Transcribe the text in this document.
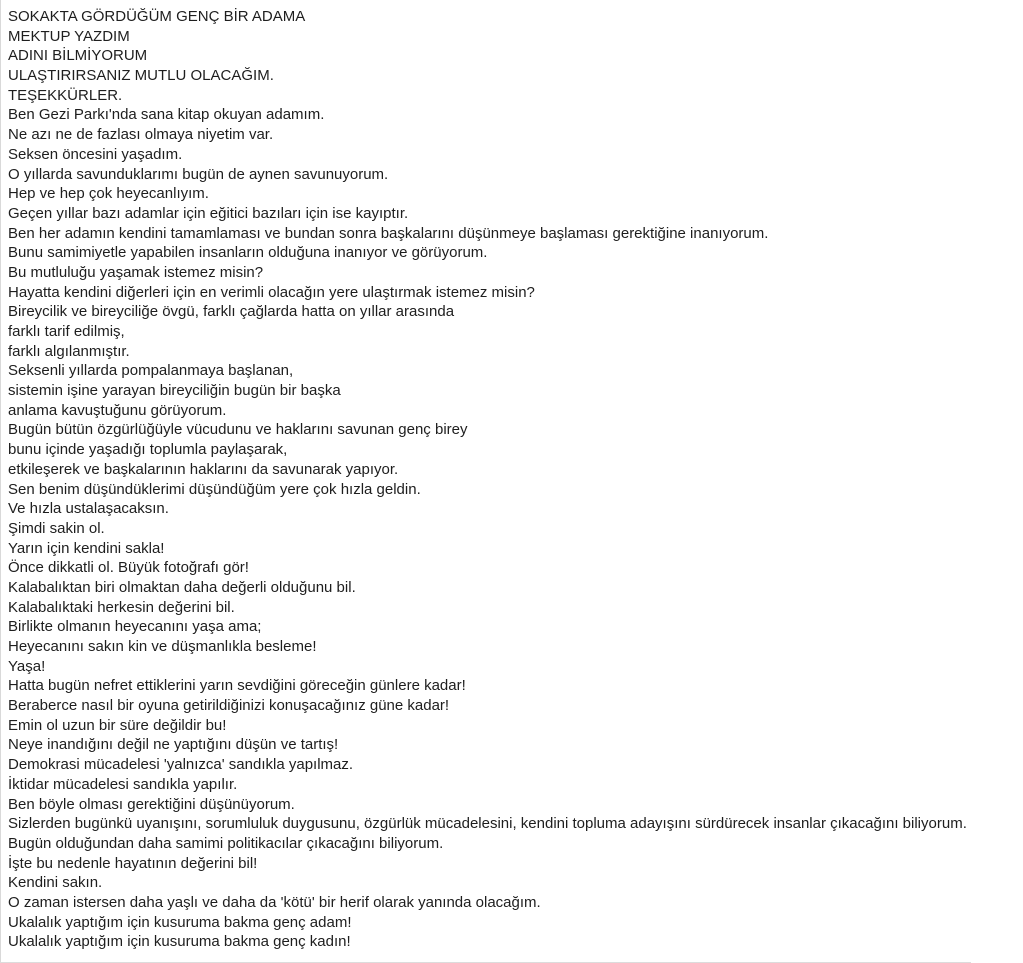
SOKAKTA GÖRDÜĞÜM GENÇ BİR ADAMA
MEKTUP YAZDIM
ADINI BİLMİYORUM
ULAŞTIRIRSANIZ MUTLU OLACAĞIM.
TEŞEKKÜRLER.
Ben Gezi Parkı'nda sana kitap okuyan adamım.
Ne azı ne de fazlası olmaya niyetim var.
Seksen öncesini yaşadım.
O yıllarda savunduklarımı bugün de aynen savunuyorum.
Hep ve hep çok heyecanlıyım.
Geçen yıllar bazı adamlar için eğitici bazıları için ise kayıptır.
Ben her adamın kendini tamamlaması ve bundan sonra başkalarını düşünmeye başlaması gerektiğine inanıyorum.
Bunu samimiyetle yapabilen insanların olduğuna inanıyor ve görüyorum.
Bu mutluluğu yaşamak istemez misin?
Hayatta kendini diğerleri için en verimli olacağın yere ulaştırmak istemez misin?
Bireycilik ve bireyciliğe övgü, farklı çağlarda hatta on yıllar arasında
farklı tarif edilmiş,
farklı algılanmıştır.
Seksenli yıllarda pompalanmaya başlanan,
sistemin işine yarayan bireyciliğin bugün bir başka
anlama kavuştuğunu görüyorum.
Bugün bütün özgürlüğüyle vücudunu ve haklarını savunan genç birey
bunu içinde yaşadığı toplumla paylaşarak,
etkileşerek ve başkalarının haklarını da savunarak yapıyor.
Sen benim düşündüklerimi düşündüğüm yere çok hızla geldin.
Ve hızla ustalaşacaksın.
Şimdi sakin ol.
Yarın için kendini sakla!
Önce dikkatli ol. Büyük fotoğrafı gör!
Kalabalıktan biri olmaktan daha değerli olduğunu bil.
Kalabalıktaki herkesin değerini bil.
Birlikte olmanın heyecanını yaşa ama;
Heyecanını sakın kin ve düşmanlıkla besleme!
Yaşa!
Hatta bugün nefret ettiklerini yarın sevdiğini göreceğin günlere kadar!
Beraberce nasıl bir oyuna getirildiğinizi konuşacağınız güne kadar!
Emin ol uzun bir süre değildir bu!
Neye inandığını değil ne yaptığını düşün ve tartış!
Demokrasi mücadelesi 'yalnızca' sandıkla yapılmaz.
İktidar mücadelesi sandıkla yapılır.
Ben böyle olması gerektiğini düşünüyorum.
Sizlerden bugünkü uyanışını, sorumluluk duygusunu, özgürlük mücadelesini, kendini topluma adayışını sürdürecek insanlar çıkacağını biliyorum.
Bugün olduğundan daha samimi politikacılar çıkacağını biliyorum.
İşte bu nedenle hayatının değerini bil!
Kendini sakın.
O zaman istersen daha yaşlı ve daha da 'kötü' bir herif olarak yanında olacağım.
Ukalalık yaptığım için kusuruma bakma genç adam!
Ukalalık yaptığım için kusuruma bakma genç kadın!
